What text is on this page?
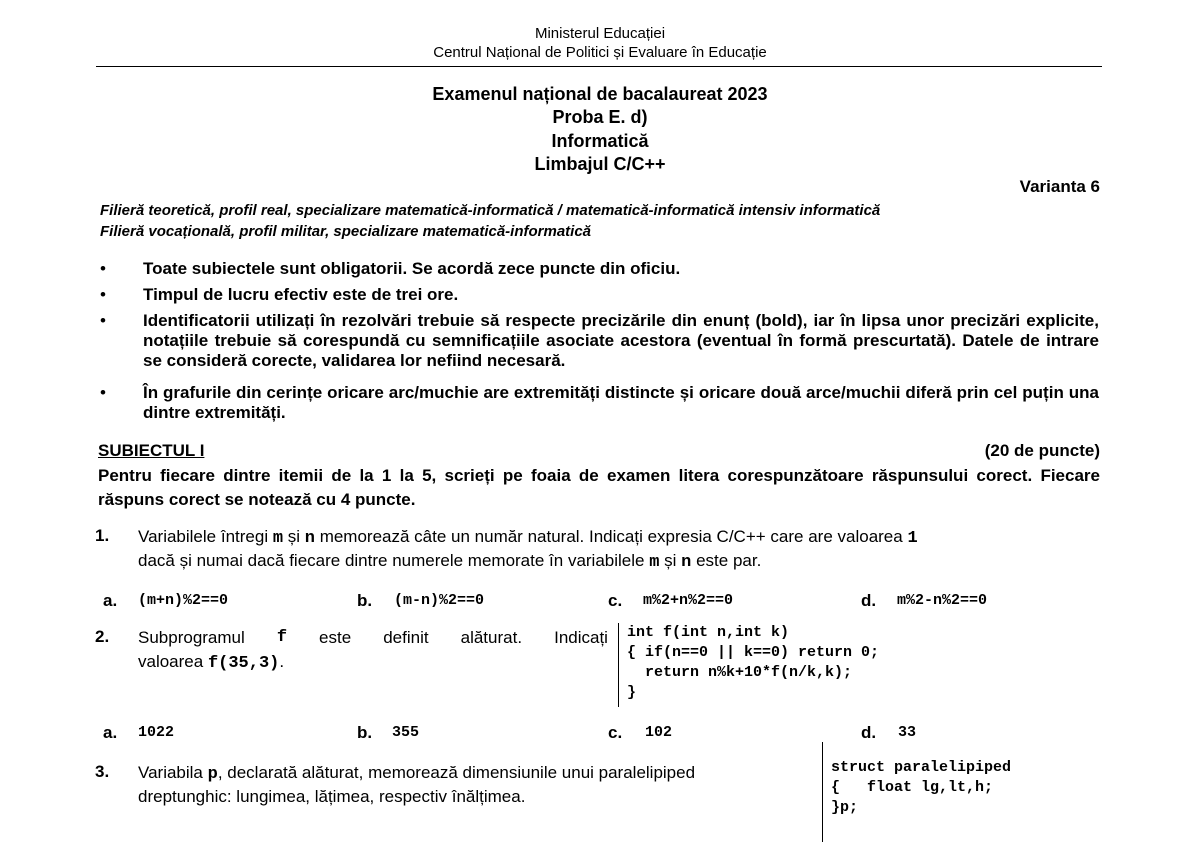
Ministerul Educației
Centrul Național de Politici și Evaluare în Educație
Examenul național de bacalaureat 2023
Proba E. d)
Informatică
Limbajul C/C++
Varianta 6
Filieră teoretică, profil real, specializare matematică-informatică / matematică-informatică intensiv informatică
Filieră vocațională, profil militar, specializare matematică-informatică
• Toate subiectele sunt obligatorii. Se acordă zece puncte din oficiu.
• Timpul de lucru efectiv este de trei ore.
• Identificatorii utilizați în rezolvări trebuie să respecte precizările din enunț (bold), iar în lipsa unor precizări explicite, notațiile trebuie să corespundă cu semnificațiile asociate acestora (eventual în formă prescurtată). Datele de intrare se consideră corecte, validarea lor nefiind necesară.
• În grafurile din cerințe oricare arc/muchie are extremități distincte și oricare două arce/muchii diferă prin cel puțin una dintre extremități.
SUBIECTUL I	(20 de puncte)
Pentru fiecare dintre itemii de la 1 la 5, scrieți pe foaia de examen litera corespunzătoare răspunsului corect. Fiecare răspuns corect se notează cu 4 puncte.
1. Variabilele întregi m și n memorează câte un număr natural. Indicați expresia C/C++ care are valoarea 1
dacă și numai dacă fiecare dintre numerele memorate în variabilele m și n este par.
a. (m+n)%2==0	b. (m-n)%2==0	c. m%2+n%2==0	d. m%2-n%2==0
2. Subprogramul f este definit alăturat. Indicați
valoarea f(35,3).
int f(int n,int k)
{ if(n==0 || k==0) return 0;
return n%k+10*f(n/k,k);
}
a. 1022	b. 355	c. 102	d. 33
3. Variabila p, declarată alăturat, memorează dimensiunile unui paralelipiped
dreptunghic: lungimea, lățimea, respectiv înălțimea.
struct paralelipiped
{   float lg,lt,h;
}p;
